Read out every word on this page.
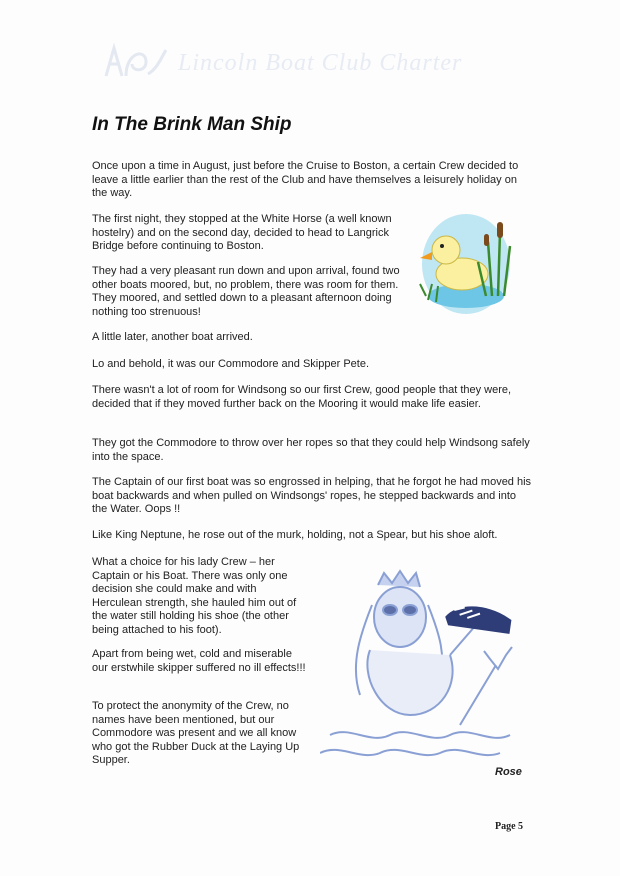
Lincoln Boat Club Charter
In The Brink Man Ship
Once upon a time in August, just before the Cruise to Boston, a certain Crew decided to leave a little earlier than the rest of the Club and have themselves a leisurely holiday on the way.
The first night, they stopped at the White Horse (a well known hostelry) and on the second day, decided to head to Langrick Bridge before continuing to Boston.
They had a very pleasant run down and upon arrival, found two other boats moored, but, no problem, there was room for them. They moored, and settled down to a pleasant afternoon doing nothing too strenuous!
A little later, another boat arrived.
Lo and behold, it was our Commodore and Skipper Pete.
There wasn't a lot of room for Windsong so our first Crew, good people that they were, decided that if they moved further back on the Mooring it would make life easier.
They got the Commodore to throw over her ropes so that they could help Windsong safely into the space.
The Captain of our first boat was so engrossed in helping, that he forgot he had moved his boat backwards and when pulled on Windsongs' ropes, he stepped backwards and into the Water. Oops !!
Like King Neptune, he rose out of the murk, holding, not a Spear, but his shoe aloft.
What a choice for his lady Crew – her Captain or his Boat. There was only one decision she could make and with Herculean strength, she hauled him out of the water still holding his shoe (the other being attached to his foot).
Apart from being wet, cold and miserable our erstwhile skipper suffered no ill effects!!!
To protect the anonymity of the Crew, no names have been mentioned, but our Commodore was present and we all know who got the Rubber Duck at the Laying Up Supper.
Rose
Page 5
